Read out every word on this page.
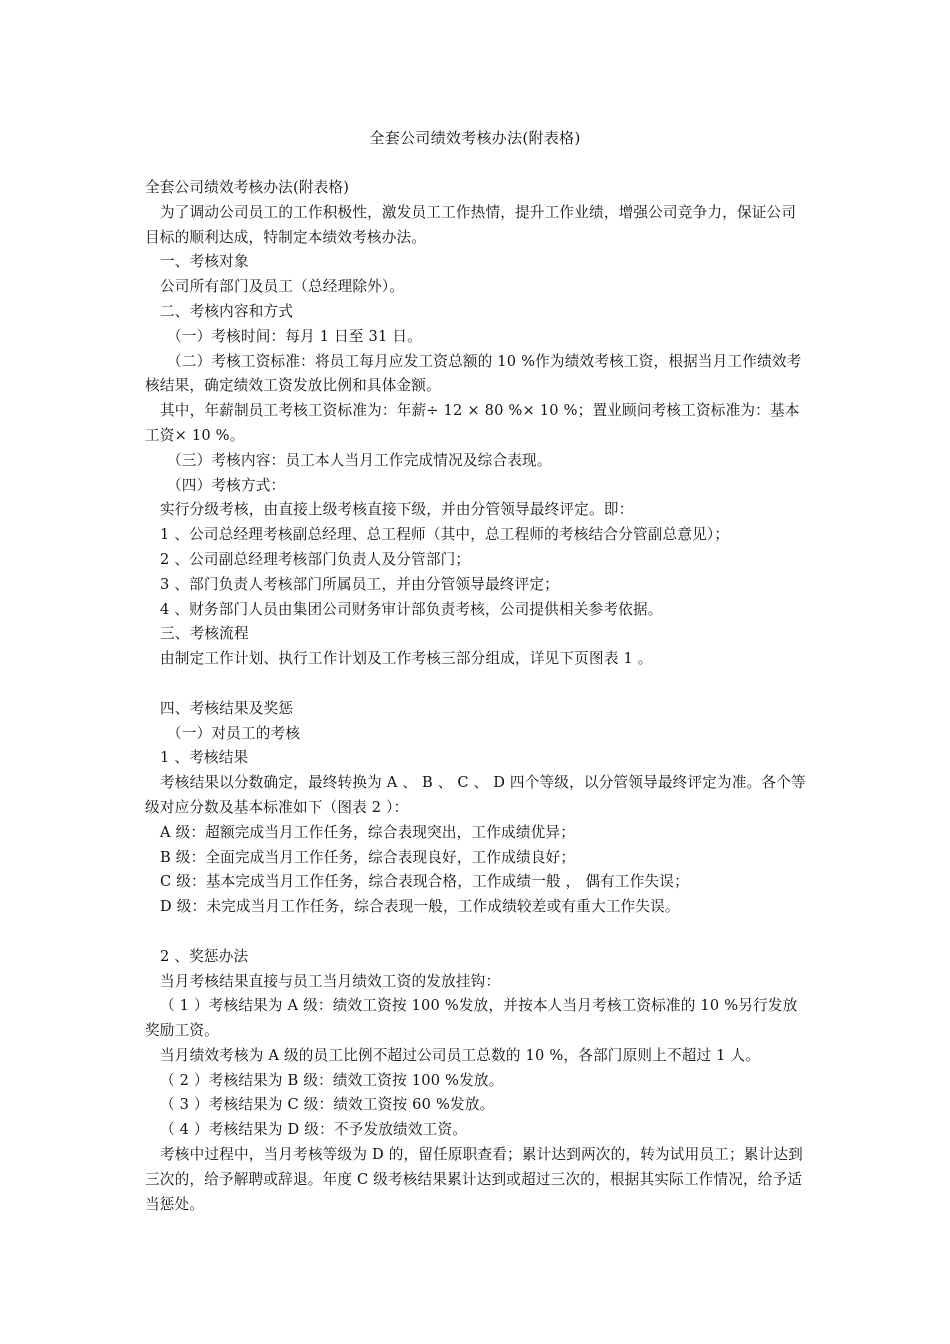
全套公司绩效考核办法(附表格)

全套公司绩效考核办法(附表格)

为了调动公司员工的工作积极性，激发员工工作热情，提升工作业绩，增强公司竞争力，保证公司目标的顺利达成，特制定本绩效考核办法。

一、考核对象

公司所有部门及员工（总经理除外）。

二、考核内容和方式

（一）考核时间：每月 1 日至 31 日。

（二）考核工资标准：将员工每月应发工资总额的 10 %作为绩效考核工资，根据当月工作绩效考核结果，确定绩效工资发放比例和具体金额。

其中，年薪制员工考核工资标准为：年薪÷ 12 × 80 %× 10 %；置业顾问考核工资标准为：基本工资× 10 %。

（三）考核内容：员工本人当月工作完成情况及综合表现。

（四）考核方式：

实行分级考核，由直接上级考核直接下级，并由分管领导最终评定。即：

1 、公司总经理考核副总经理、总工程师（其中，总工程师的考核结合分管副总意见）；

2 、公司副总经理考核部门负责人及分管部门；

3 、部门负责人考核部门所属员工，并由分管领导最终评定；

4 、财务部门人员由集团公司财务审计部负责考核，公司提供相关参考依据。

三、考核流程

由制定工作计划、执行工作计划及工作考核三部分组成，详见下页图表 1 。

四、考核结果及奖惩

（一）对员工的考核

1 、考核结果

考核结果以分数确定，最终转换为 A 、 B 、 C 、 D 四个等级，以分管领导最终评定为准。各个等级对应分数及基本标准如下（图表 2 ）：

A 级：超额完成当月工作任务，综合表现突出，工作成绩优异；

B 级：全面完成当月工作任务，综合表现良好，工作成绩良好；

C 级：基本完成当月工作任务，综合表现合格，工作成绩一般 ， 偶有工作失误；

D 级：未完成当月工作任务，综合表现一般，工作成绩较差或有重大工作失误。

2 、奖惩办法

当月考核结果直接与员工当月绩效工资的发放挂钩：

（ 1 ）考核结果为 A 级：绩效工资按 100 %发放，并按本人当月考核工资标准的 10 %另行发放奖励工资。

当月绩效考核为 A 级的员工比例不超过公司员工总数的 10 %，各部门原则上不超过 1 人。

（ 2 ）考核结果为 B 级：绩效工资按 100 %发放。

（ 3 ）考核结果为 C 级：绩效工资按 60 %发放。

（ 4 ）考核结果为 D 级：不予发放绩效工资。

考核中过程中，当月考核等级为 D 的，留任原职查看；累计达到两次的，转为试用员工；累计达到三次的，给予解聘或辞退。年度 C 级考核结果累计达到或超过三次的，根据其实际工作情况，给予适当惩处。
